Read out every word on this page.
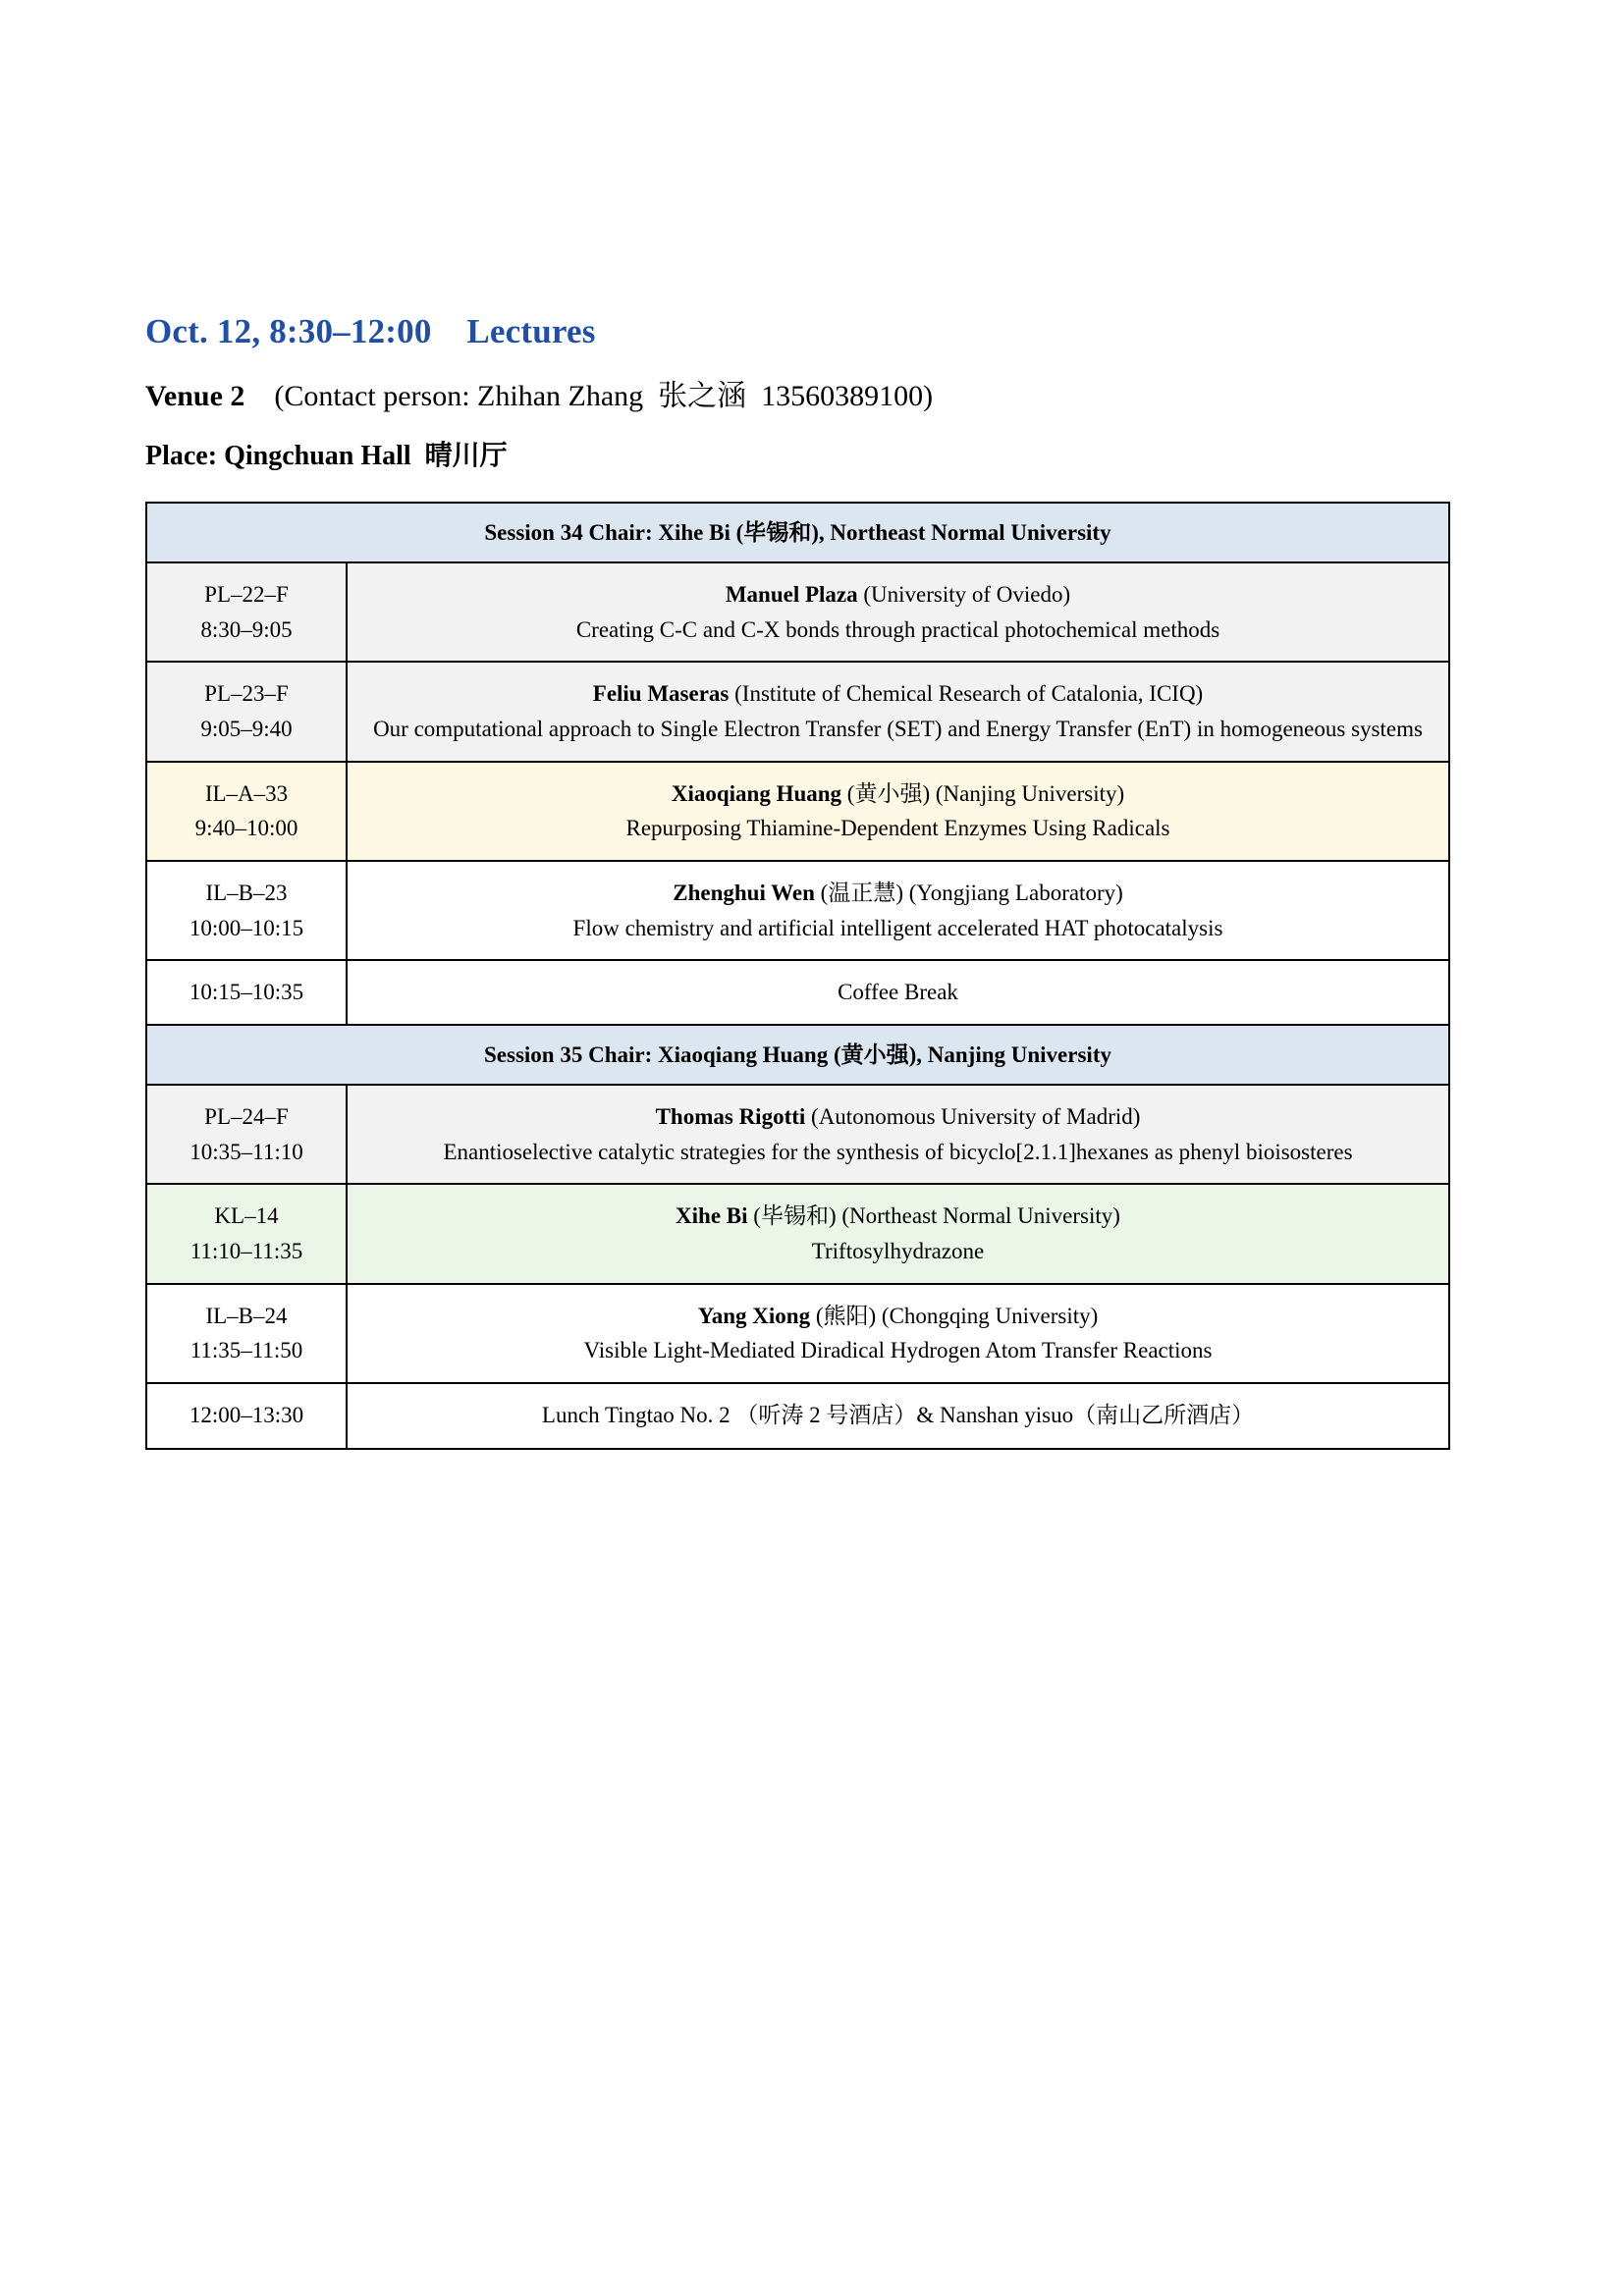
Oct. 12, 8:30–12:00    Lectures
Venue 2    (Contact person: Zhihan Zhang  张之涵  13560389100)
Place: Qingchuan Hall  晴川厅
Session 34 Chair: Xihe Bi (毕锡和), Northeast Normal University	

PL–22–F
8:30–9:05	Manuel Plaza (University of Oviedo)
Creating C-C and C-X bonds through practical photochemical methods

PL–23–F
9:05–9:40	Feliu Maseras (Institute of Chemical Research of Catalonia, ICIQ)
Our computational approach to Single Electron Transfer (SET) and Energy Transfer (EnT) in homogeneous systems

IL–A–33
9:40–10:00	Xiaoqiang Huang (黄小强) (Nanjing University)
Repurposing Thiamine-Dependent Enzymes Using Radicals

IL–B–23
10:00–10:15	Zhenghui Wen (温正慧) (Yongjiang Laboratory)
Flow chemistry and artificial intelligent accelerated HAT photocatalysis

10:15–10:35	Coffee Break
Session 35 Chair: Xiaoqiang Huang (黄小强), Nanjing University	

PL–24–F
10:35–11:10	Thomas Rigotti (Autonomous University of Madrid)
Enantioselective catalytic strategies for the synthesis of bicyclo[2.1.1]hexanes as phenyl bioisosteres

KL–14
11:10–11:35	Xihe Bi (毕锡和) (Northeast Normal University)
Triftosylhydrazone

IL–B–24
11:35–11:50	Yang Xiong (熊阳) (Chongqing University)
Visible Light-Mediated Diradical Hydrogen Atom Transfer Reactions

12:00–13:30	Lunch Tingtao No. 2 （听涛 2 号酒店）& Nanshan yisuo（南山乙所酒店）
